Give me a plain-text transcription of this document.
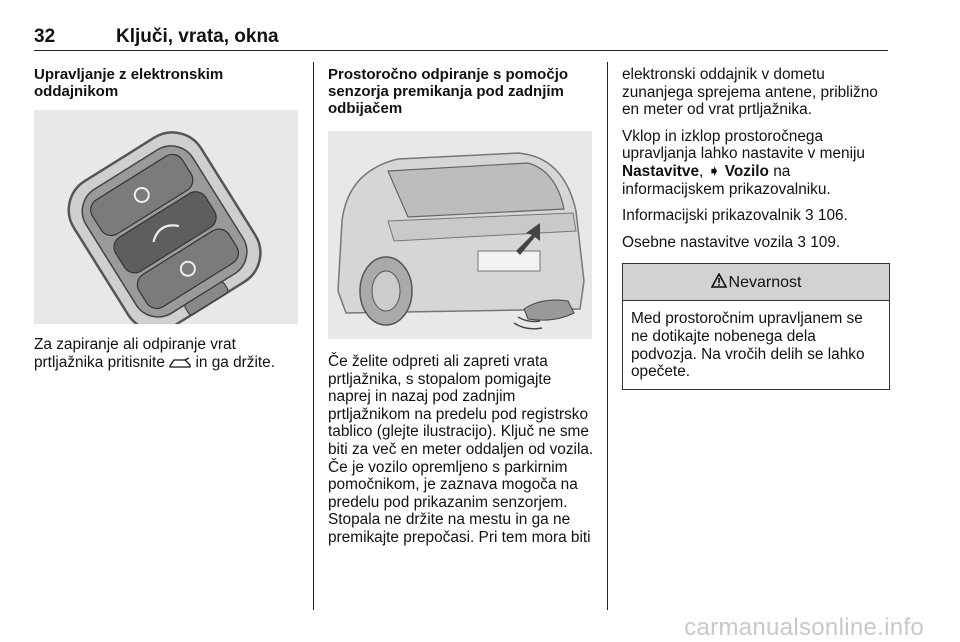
32	Ključi, vrata, okna
Upravljanje z elektronskim oddajnikom

Za zapiranje ali odpiranje vrat prtljažnika pritisnite in ga držite.

Prostoročno odpiranje s pomočjo senzorja premikanja pod zadnjim odbijačem

Če želite odpreti ali zapreti vrata prtljažnika, s stopalom pomigajte naprej in nazaj pod zadnjim prtljažnikom na predelu pod registrsko tablico (glejte ilustracijo). Ključ ne sme biti za več en meter oddaljen od vozila. Če je vozilo opremljeno s parkirnim pomočnikom, je zaznava mogoča na predelu pod prikazanim senzorjem. Stopala ne držite na mestu in ga ne premikajte prepočasi. Pri tem mora biti

elektronski oddajnik v dometu zunanjega sprejema antene, približno en meter od vrat prtljažnika.

Vklop in izklop prostoročnega upravljanja lahko nastavite v meniju Nastavitve, ➧ Vozilo na informacijskem prikazovalniku.

Informacijski prikazovalnik 3 106.

Osebne nastavitve vozila 3 109.

Nevarnost
Med prostoročnim upravljanem se ne dotikajte nobenega dela podvozja. Na vročih delih se lahko opečete.
carmanualsonline.info
